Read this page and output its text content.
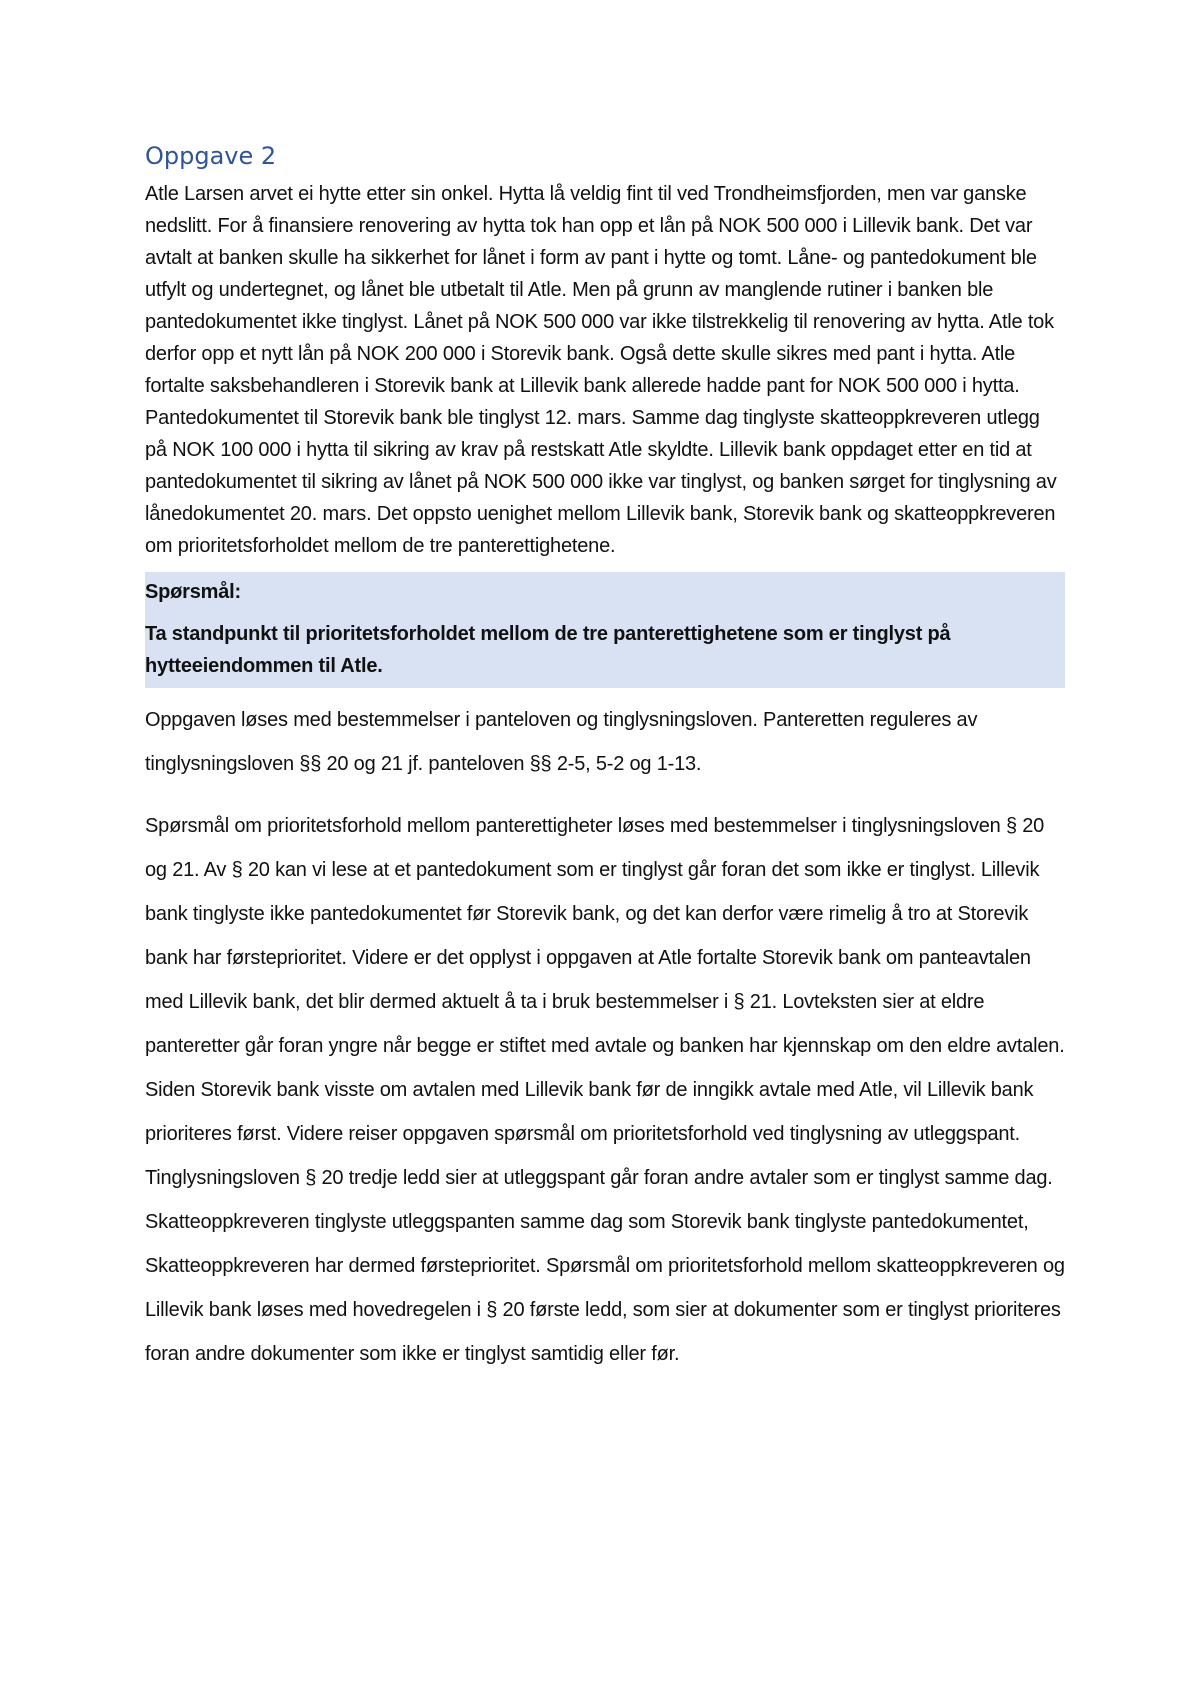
Oppgave 2

Atle Larsen arvet ei hytte etter sin onkel. Hytta lå veldig fint til ved Trondheimsfjorden, men var ganske nedslitt. For å finansiere renovering av hytta tok han opp et lån på NOK 500 000 i Lillevik bank. Det var avtalt at banken skulle ha sikkerhet for lånet i form av pant i hytte og tomt. Låne- og pantedokument ble utfylt og undertegnet, og lånet ble utbetalt til Atle. Men på grunn av manglende rutiner i banken ble pantedokumentet ikke tinglyst. Lånet på NOK 500 000 var ikke tilstrekkelig til renovering av hytta. Atle tok derfor opp et nytt lån på NOK 200 000 i Storevik bank. Også dette skulle sikres med pant i hytta. Atle fortalte saksbehandleren i Storevik bank at Lillevik bank allerede hadde pant for NOK 500 000 i hytta. Pantedokumentet til Storevik bank ble tinglyst 12. mars. Samme dag tinglyste skatteoppkreveren utlegg på NOK 100 000 i hytta til sikring av krav på restskatt Atle skyldte. Lillevik bank oppdaget etter en tid at pantedokumentet til sikring av lånet på NOK 500 000 ikke var tinglyst, og banken sørget for tinglysning av lånedokumentet 20. mars. Det oppsto uenighet mellom Lillevik bank, Storevik bank og skatteoppkreveren om prioritetsforholdet mellom de tre panterettighetene.

Spørsmål:

Ta standpunkt til prioritetsforholdet mellom de tre panterettighetene som er tinglyst på hytteeiendommen til Atle.

Oppgaven løses med bestemmelser i panteloven og tinglysningsloven. Panteretten reguleres av tinglysningsloven §§ 20 og 21 jf. panteloven §§ 2-5, 5-2 og 1-13.

Spørsmål om prioritetsforhold mellom panterettigheter løses med bestemmelser i tinglysningsloven § 20 og 21. Av § 20 kan vi lese at et pantedokument som er tinglyst går foran det som ikke er tinglyst. Lillevik bank tinglyste ikke pantedokumentet før Storevik bank, og det kan derfor være rimelig å tro at Storevik bank har førsteprioritet. Videre er det opplyst i oppgaven at Atle fortalte Storevik bank om panteavtalen med Lillevik bank, det blir dermed aktuelt å ta i bruk bestemmelser i § 21. Lovteksten sier at eldre panteretter går foran yngre når begge er stiftet med avtale og banken har kjennskap om den eldre avtalen. Siden Storevik bank visste om avtalen med Lillevik bank før de inngikk avtale med Atle, vil Lillevik bank prioriteres først. Videre reiser oppgaven spørsmål om prioritetsforhold ved tinglysning av utleggspant. Tinglysningsloven § 20 tredje ledd sier at utleggspant går foran andre avtaler som er tinglyst samme dag. Skatteoppkreveren tinglyste utleggspanten samme dag som Storevik bank tinglyste pantedokumentet, Skatteoppkreveren har dermed førsteprioritet. Spørsmål om prioritetsforhold mellom skatteoppkreveren og Lillevik bank løses med hovedregelen i § 20 første ledd, som sier at dokumenter som er tinglyst prioriteres foran andre dokumenter som ikke er tinglyst samtidig eller før.
